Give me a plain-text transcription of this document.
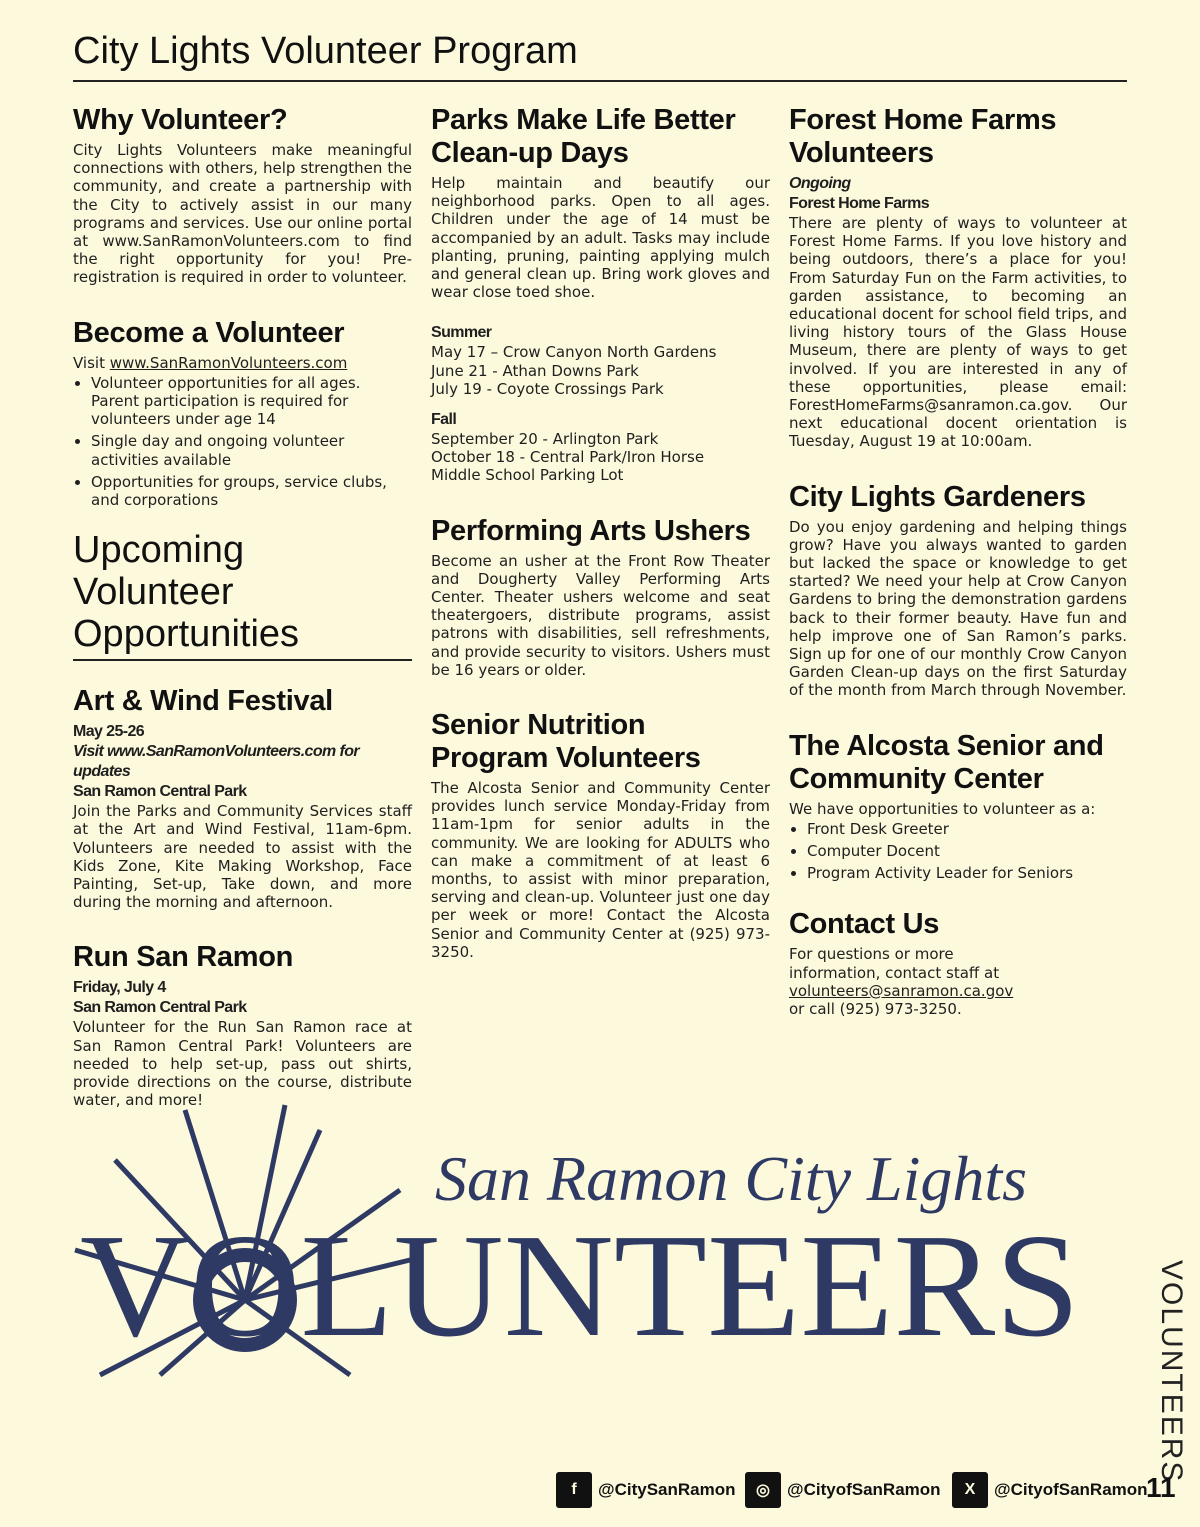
City Lights Volunteer Program
Why Volunteer?

City Lights Volunteers make meaningful connections with others, help strengthen the community, and create a partnership with the City to actively assist in our many programs and services. Use our online portal at www.SanRamonVolunteers.com to find the right opportunity for you! Pre-registration is required in order to volunteer.

Become a Volunteer

Visit www.SanRamonVolunteers.com

• Volunteer opportunities for all ages. Parent participation is required for volunteers under age 14
• Single day and ongoing volunteer activities available
• Opportunities for groups, service clubs, and corporations
Upcoming
Volunteer
Opportunities
Art & Wind Festival
May 25-26
Visit www.SanRamonVolunteers.com for updates
San Ramon Central Park

Join the Parks and Community Services staff at the Art and Wind Festival, 11am-6pm. Volunteers are needed to assist with the Kids Zone, Kite Making Workshop, Face Painting, Set-up, Take down, and more during the morning and afternoon.

Run San Ramon
Friday, July 4
San Ramon Central Park

Volunteer for the Run San Ramon race at San Ramon Central Park! Volunteers are needed to help set-up, pass out shirts, provide directions on the course, distribute water, and more!

Parks Make Life Better Clean-up Days

Help maintain and beautify our neighborhood parks. Open to all ages. Children under the age of 14 must be accompanied by an adult. Tasks may include planting, pruning, painting applying mulch and general clean up. Bring work gloves and wear close toed shoe.

Summer
May 17 – Crow Canyon North Gardens
June 21 - Athan Downs Park
July 19 - Coyote Crossings Park
Fall
September 20 - Arlington Park
October 18 - Central Park/Iron Horse
Middle School Parking Lot
Performing Arts Ushers

Become an usher at the Front Row Theater and Dougherty Valley Performing Arts Center. Theater ushers welcome and seat theatergoers, distribute programs, assist patrons with disabilities, sell refreshments, and provide security to visitors. Ushers must be 16 years or older.

Senior Nutrition Program Volunteers

The Alcosta Senior and Community Center provides lunch service Monday-Friday from 11am-1pm for senior adults in the community. We are looking for ADULTS who can make a commitment of at least 6 months, to assist with minor preparation, serving and clean-up. Volunteer just one day per week or more! Contact the Alcosta Senior and Community Center at (925) 973-3250.

Forest Home Farms Volunteers
Ongoing
Forest Home Farms

There are plenty of ways to volunteer at Forest Home Farms. If you love history and being outdoors, there’s a place for you! From Saturday Fun on the Farm activities, to garden assistance, to becoming an educational docent for school field trips, and living history tours of the Glass House Museum, there are plenty of ways to get involved. If you are interested in any of these opportunities, please email: ForestHomeFarms@sanramon.ca.gov. Our next educational docent orientation is Tuesday, August 19 at 10:00am.

City Lights Gardeners

Do you enjoy gardening and helping things grow? Have you always wanted to garden but lacked the space or knowledge to get started? We need your help at Crow Canyon Gardens to bring the demonstration gardens back to their former beauty. Have fun and help improve one of San Ramon’s parks. Sign up for one of our monthly Crow Canyon Garden Clean-up days on the first Saturday of the month from March through November.

The Alcosta Senior and Community Center

We have opportunities to volunteer as a:

• Front Desk Greeter
• Computer Docent
• Program Activity Leader for Seniors
Contact Us
For questions or more
information, contact staff at
volunteers@sanramon.ca.gov
or call (925) 973-3250.
San Ramon City Lights
VOLUNTEERS	VOLUNTEERS
f	@CitySanRamon	◎	@CityofSanRamon	X	@CityofSanRamon
11
